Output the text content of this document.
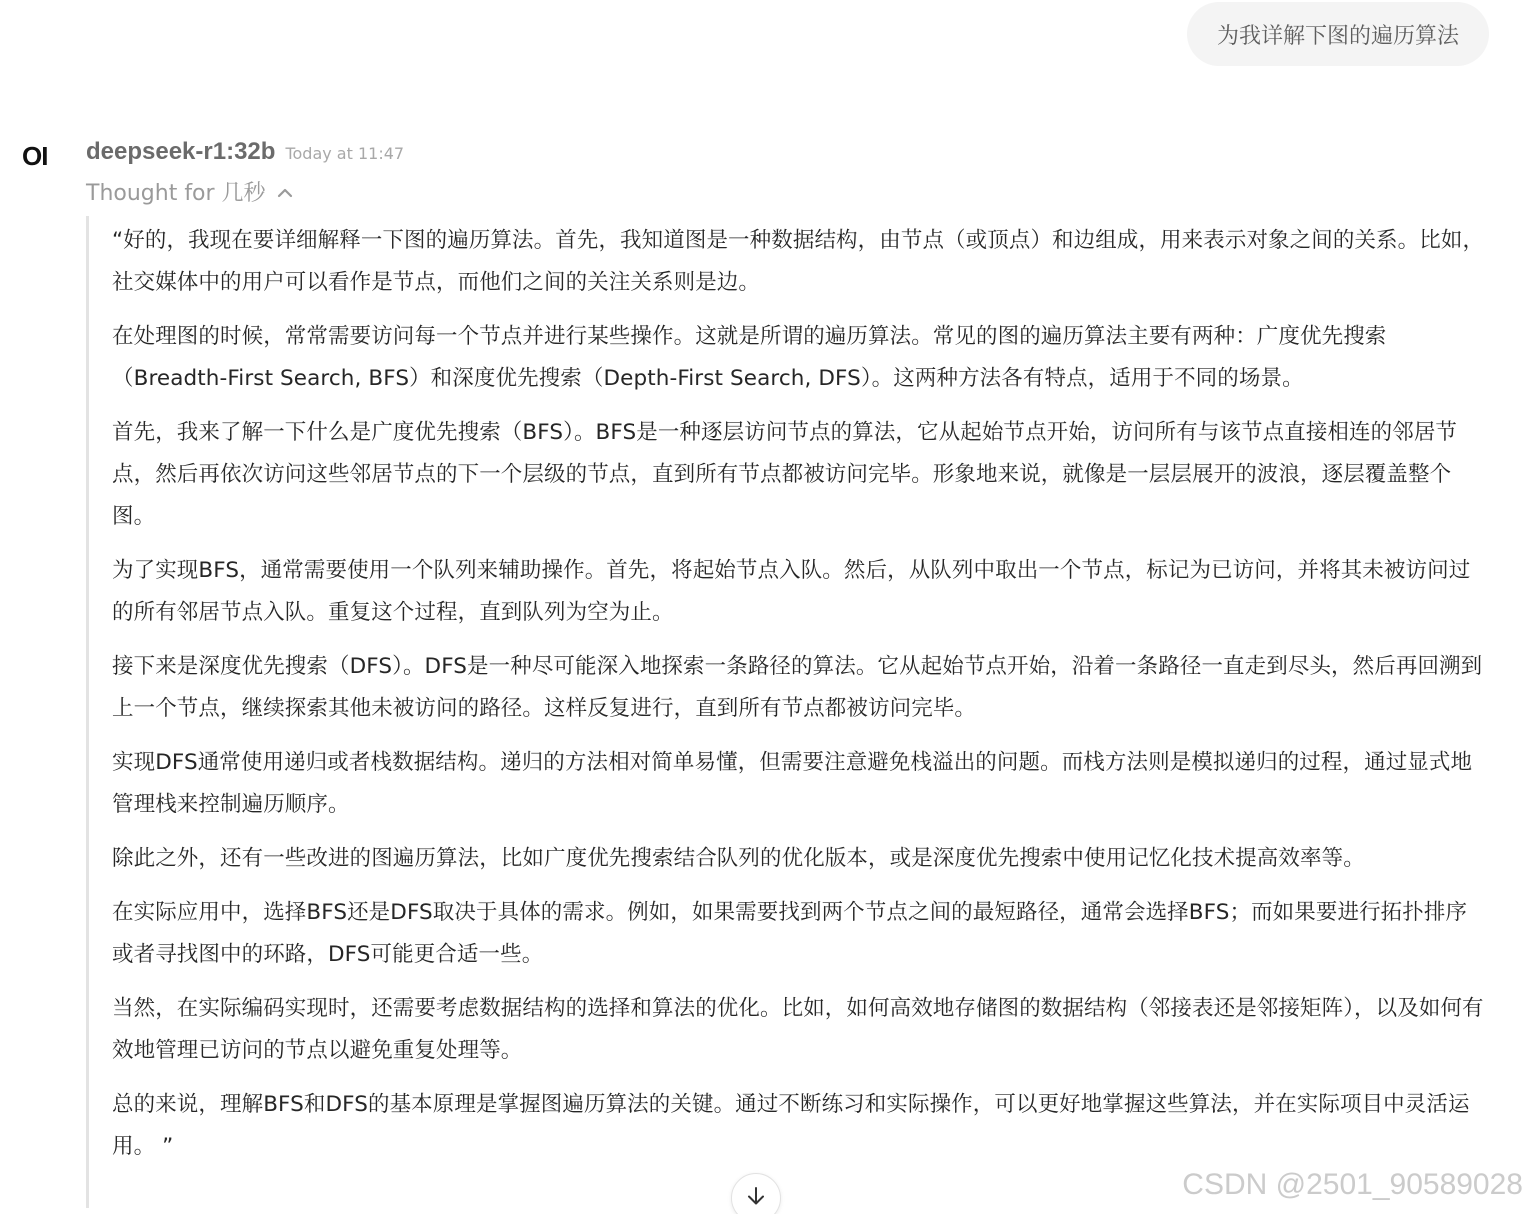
为我详解下图的遍历算法
OI deepseek-r1:32b Today at 11:47
Thought for 几秒

“好的，我现在要详细解释一下图的遍历算法。首先，我知道图是一种数据结构，由节点（或顶点）和边组成，用来表示对象之间的关系。比如，社交媒体中的用户可以看作是节点，而他们之间的关注关系则是边。

在处理图的时候，常常需要访问每一个节点并进行某些操作。这就是所谓的遍历算法。常见的图的遍历算法主要有两种：广度优先搜索（Breadth-First Search, BFS）和深度优先搜索（Depth-First Search, DFS）。这两种方法各有特点，适用于不同的场景。

首先，我来了解一下什么是广度优先搜索（BFS）。BFS是一种逐层访问节点的算法，它从起始节点开始，访问所有与该节点直接相连的邻居节点，然后再依次访问这些邻居节点的下一个层级的节点，直到所有节点都被访问完毕。形象地来说，就像是一层层展开的波浪，逐层覆盖整个图。

为了实现BFS，通常需要使用一个队列来辅助操作。首先，将起始节点入队。然后，从队列中取出一个节点，标记为已访问，并将其未被访问过的所有邻居节点入队。重复这个过程，直到队列为空为止。

接下来是深度优先搜索（DFS）。DFS是一种尽可能深入地探索一条路径的算法。它从起始节点开始，沿着一条路径一直走到尽头，然后再回溯到上一个节点，继续探索其他未被访问的路径。这样反复进行，直到所有节点都被访问完毕。

实现DFS通常使用递归或者栈数据结构。递归的方法相对简单易懂，但需要注意避免栈溢出的问题。而栈方法则是模拟递归的过程，通过显式地管理栈来控制遍历顺序。

除此之外，还有一些改进的图遍历算法，比如广度优先搜索结合队列的优化版本，或是深度优先搜索中使用记忆化技术提高效率等。

在实际应用中，选择BFS还是DFS取决于具体的需求。例如，如果需要找到两个节点之间的最短路径，通常会选择BFS；而如果要进行拓扑排序或者寻找图中的环路，DFS可能更合适一些。

当然，在实际编码实现时，还需要考虑数据结构的选择和算法的优化。比如，如何高效地存储图的数据结构（邻接表还是邻接矩阵），以及如何有效地管理已访问的节点以避免重复处理等。

总的来说，理解BFS和DFS的基本原理是掌握图遍历算法的关键。通过不断练习和实际操作，可以更好地掌握这些算法，并在实际项目中灵活运用。 ”

CSDN @2501_90589028
